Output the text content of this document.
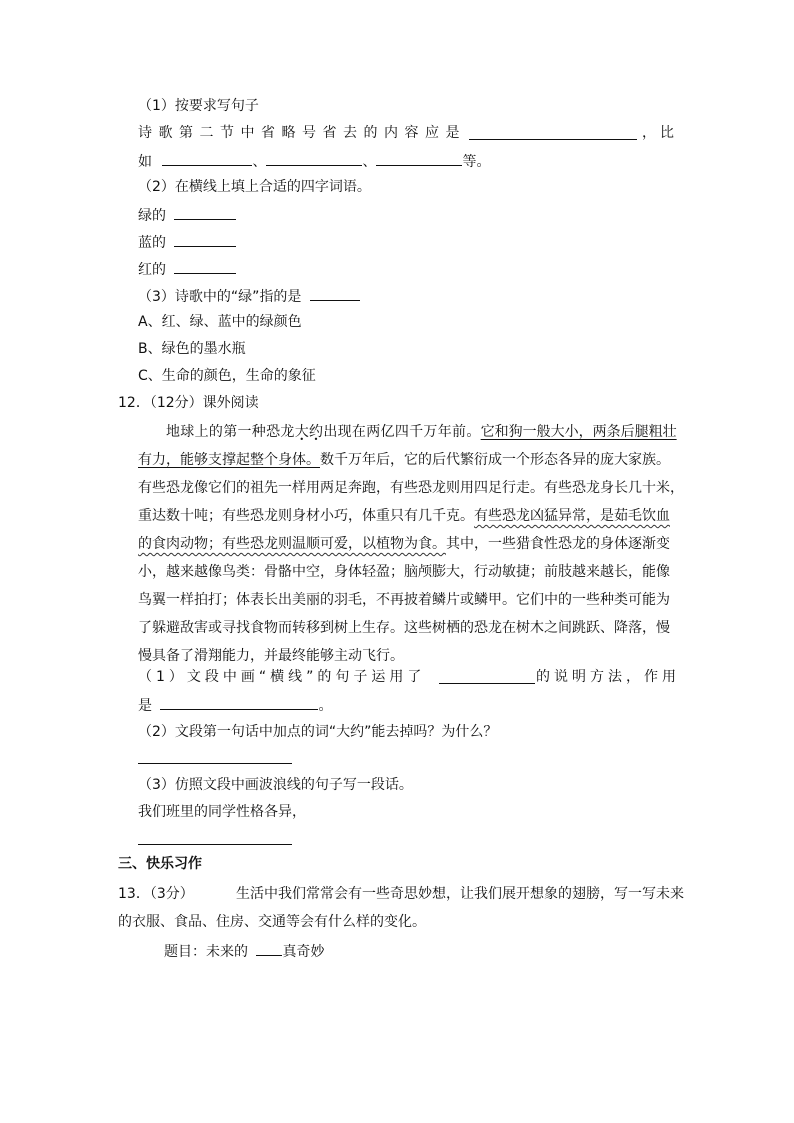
（1）按要求写句子
诗歌第二节中省略号省去的内容应是	， 比
如	、	、	等。
（2）在横线上填上合适的四字词语。
绿的
蓝的
红的
（3）诗歌中的“绿”指的是
A、红、绿、蓝中的绿颜色
B、绿色的墨水瓶
C、生命的颜色，生命的象征
12．（12分）课外阅读
地球上的第一种恐龙大约出现在两亿四千万年前。它和狗一般大小，两条后腿粗壮
有力，能够支撑起整个身体。数千万年后，它的后代繁衍成一个形态各异的庞大家族。
有些恐龙像它们的祖先一样用两足奔跑，有些恐龙则用四足行走。有些恐龙身长几十米，
重达数十吨；有些恐龙则身材小巧，体重只有几千克。有些恐龙凶猛异常，是茹毛饮血
的食肉动物；有些恐龙则温顺可爱，以植物为食。其中，一些猎食性恐龙的身体逐渐变
小，越来越像鸟类：骨骼中空，身体轻盈；脑颅膨大，行动敏捷；前肢越来越长，能像
鸟翼一样拍打；体表长出美丽的羽毛，不再披着鳞片或鳞甲。它们中的一些种类可能为
了躲避敌害或寻找食物而转移到树上生存。这些树栖的恐龙在树木之间跳跃、降落，慢
慢具备了滑翔能力，并最终能够主动飞行。
（1）文段中画“横线”的句子运用了	的说明方法，作用
是	。
（2）文段第一句话中加点的词“大约”能去掉吗？为什么？
（3）仿照文段中画波浪线的句子写一段话。
我们班里的同学性格各异，
三、快乐习作
13．（3分）	生活中我们常常会有一些奇思妙想，让我们展开想象的翅膀，写一写未来
的衣服、食品、住房、交通等会有什么样的变化。
题目：未来的 真奇妙
